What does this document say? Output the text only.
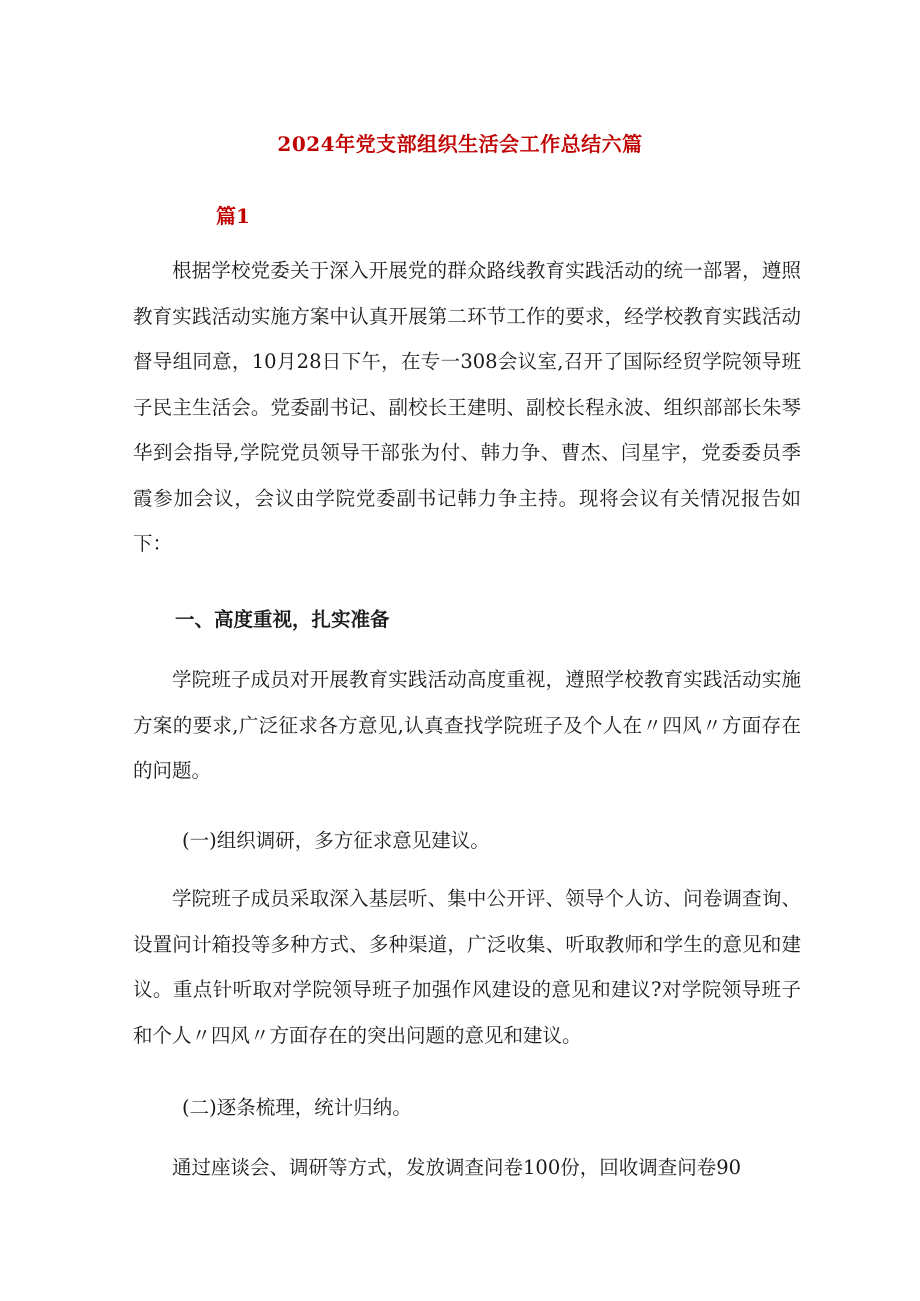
2024年党支部组织生活会工作总结六篇
篇1

根据学校党委关于深入开展党的群众路线教育实践活动的统一部署，遵照教育实践活动实施方案中认真开展第二环节工作的要求，经学校教育实践活动督导组同意，10月28日下午，在专一308会议室,召开了国际经贸学院领导班子民主生活会。党委副书记、副校长王建明、副校长程永波、组织部部长朱琴华到会指导,学院党员领导干部张为付、韩力争、曹杰、闫星宇，党委委员季霞参加会议，会议由学院党委副书记韩力争主持。现将会议有关情况报告如下：

一、高度重视，扎实准备

学院班子成员对开展教育实践活动高度重视，遵照学校教育实践活动实施方案的要求,广泛征求各方意见,认真查找学院班子及个人在〃四风〃方面存在的问题。

(一)组织调研，多方征求意见建议。

学院班子成员采取深入基层听、集中公开评、领导个人访、问卷调查询、设置问计箱投等多种方式、多种渠道，广泛收集、听取教师和学生的意见和建议。重点针听取对学院领导班子加强作风建设的意见和建议?对学院领导班子和个人〃四风〃方面存在的突出问题的意见和建议。

(二)逐条梳理，统计归纳。

通过座谈会、调研等方式，发放调查问卷100份，回收调查问卷90
